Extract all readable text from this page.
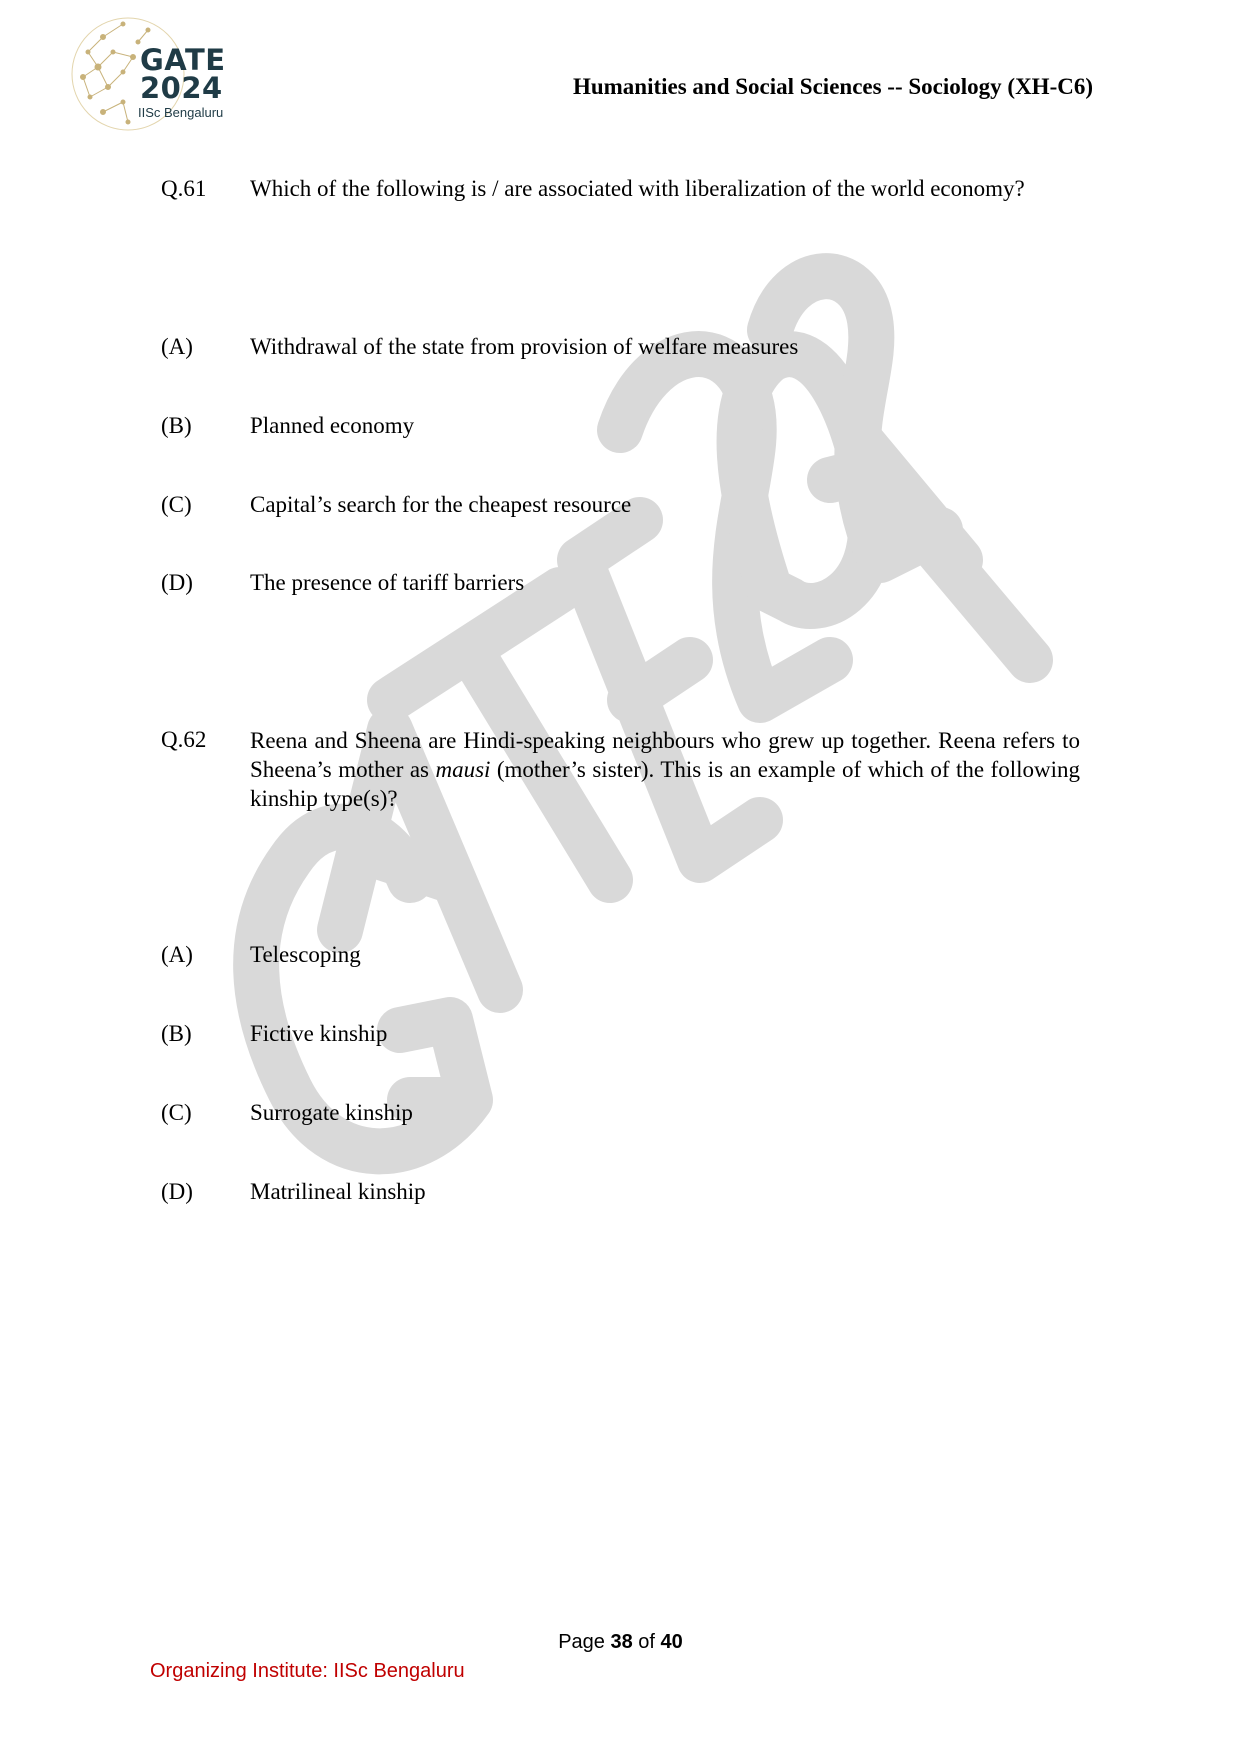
GATE
2024
IISc Bengaluru
Humanities and Social Sciences -- Sociology (XH-C6)
Q.61 Which of the following is / are associated with liberalization of the world economy?
(A) Withdrawal of the state from provision of welfare measures
(B)	Planned economy
(C)	Capital’s search for the cheapest resource
(D) The presence of tariff barriers
Q.62 Reena and Sheena are Hindi-speaking neighbours who grew up together. Reena refers to Sheena’s mother as mausi (mother’s sister). This is an example of which of the following kinship type(s)?
(A) Telescoping
(B)	Fictive kinship
(C)	Surrogate kinship
(D) Matrilineal kinship
Page 38 of 40
Organizing Institute: IISc Bengaluru
